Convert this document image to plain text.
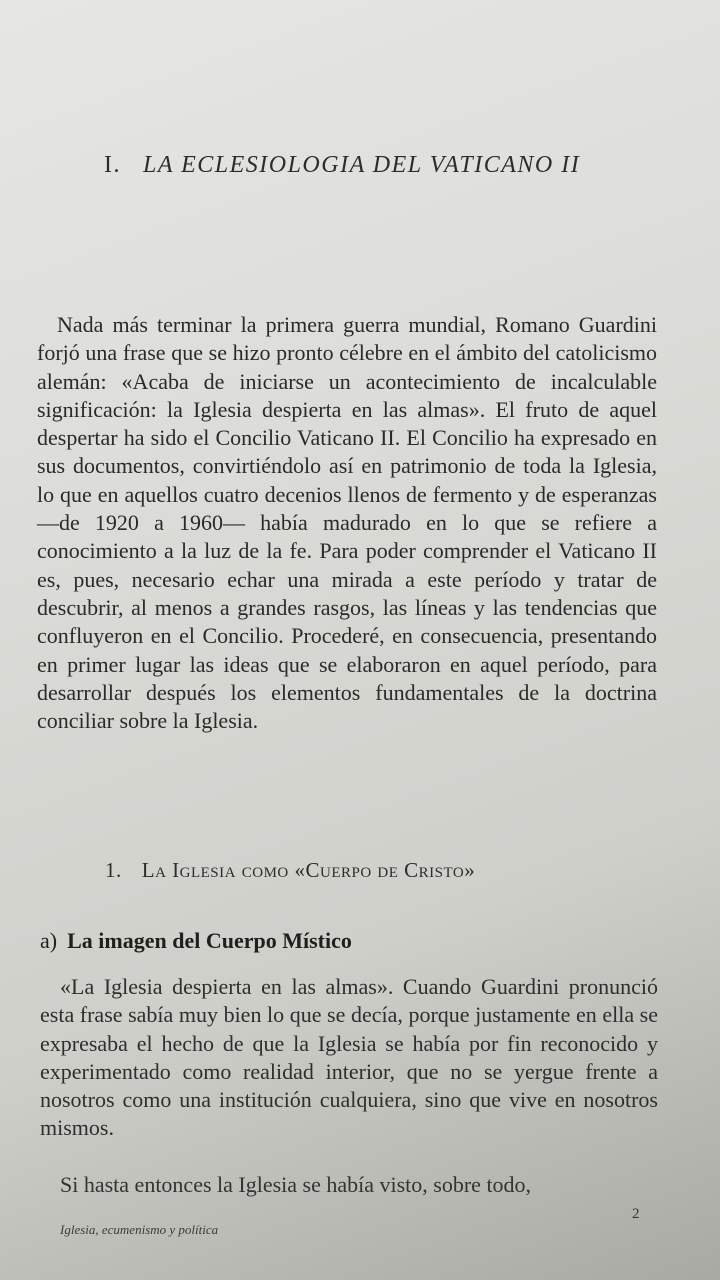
I. LA ECLESIOLOGIA DEL VATICANO II

Nada más terminar la primera guerra mundial, Romano Guardini forjó una frase que se hizo pronto célebre en el ámbito del catolicismo alemán: «Acaba de iniciarse un acontecimiento de incalculable significación: la Iglesia despierta en las almas». El fruto de aquel despertar ha sido el Concilio Vaticano II. El Concilio ha expresado en sus documentos, convirtiéndolo así en patrimonio de toda la Iglesia, lo que en aquellos cuatro decenios llenos de fermento y de esperanzas —de 1920 a 1960— había madurado en lo que se refiere a conocimiento a la luz de la fe. Para poder comprender el Vaticano II es, pues, necesario echar una mirada a este período y tratar de descubrir, al menos a grandes rasgos, las líneas y las tendencias que confluyeron en el Concilio. Procederé, en consecuencia, presentando en primer lugar las ideas que se elaboraron en aquel período, para desarrollar después los elementos fundamentales de la doctrina conciliar sobre la Iglesia.

1. La Iglesia como «Cuerpo de Cristo»
a) La imagen del Cuerpo Místico

«La Iglesia despierta en las almas». Cuando Guardini pronunció esta frase sabía muy bien lo que se decía, porque justamente en ella se expresaba el hecho de que la Iglesia se había por fin reconocido y experimentado como realidad interior, que no se yergue frente a nosotros como una institución cualquiera, sino que vive en nosotros mismos.

Si hasta entonces la Iglesia se había visto, sobre todo,

2
Iglesia, ecumenismo y política
